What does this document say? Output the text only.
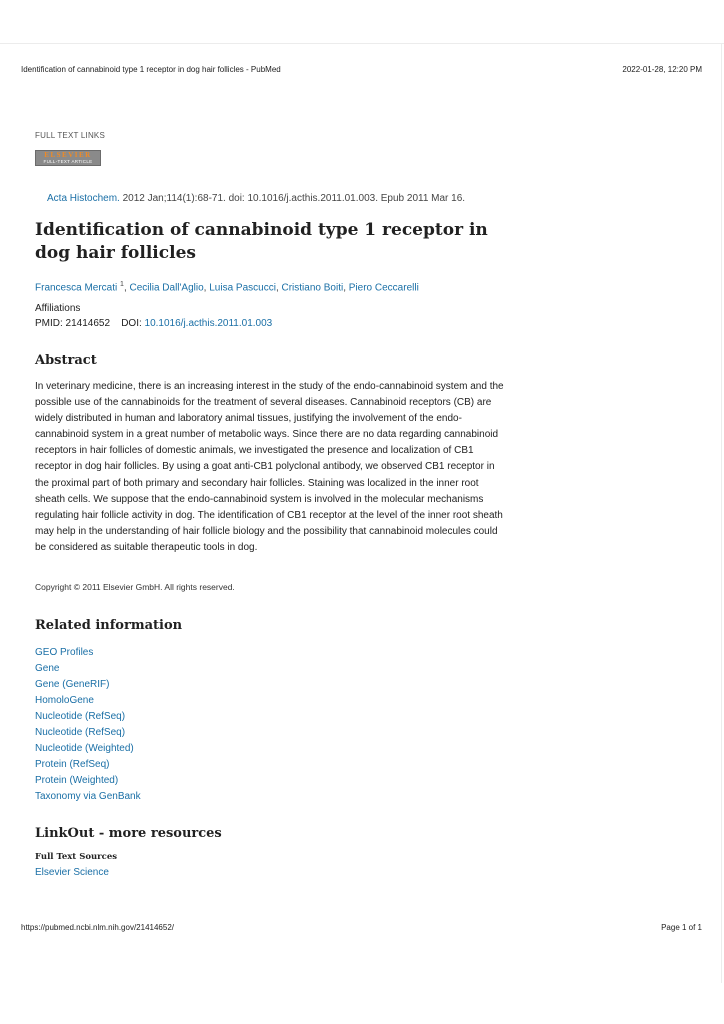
Identification of cannabinoid type 1 receptor in dog hair follicles - PubMed	2022-01-28, 12:20 PM
FULL TEXT LINKS
ELSEVIER
FULL-TEXT ARTICLE
Acta Histochem. 2012 Jan;114(1):68-71. doi: 10.1016/j.acthis.2011.01.003. Epub 2011 Mar 16.
Identification of cannabinoid type 1 receptor in dog hair follicles
Francesca Mercati $^1$, Cecilia Dall'Aglio, Luisa Pascucci, Cristiano Boiti, Piero Ceccarelli
Affiliations
PMID: 21414652 DOI: 10.1016/j.acthis.2011.01.003
Abstract

In veterinary medicine, there is an increasing interest in the study of the endo-cannabinoid system and the possible use of the cannabinoids for the treatment of several diseases. Cannabinoid receptors (CB) are widely distributed in human and laboratory animal tissues, justifying the involvement of the endo-cannabinoid system in a great number of metabolic ways. Since there are no data regarding cannabinoid receptors in hair follicles of domestic animals, we investigated the presence and localization of CB1 receptor in dog hair follicles. By using a goat anti-CB1 polyclonal antibody, we observed CB1 receptor in the proximal part of both primary and secondary hair follicles. Staining was localized in the inner root sheath cells. We suppose that the endo-cannabinoid system is involved in the molecular mechanisms regulating hair follicle activity in dog. The identification of CB1 receptor at the level of the inner root sheath may help in the understanding of hair follicle biology and the possibility that cannabinoid molecules could be considered as suitable therapeutic tools in dog.

Copyright © 2011 Elsevier GmbH. All rights reserved.
Related information
GEO Profiles
Gene
Gene (GeneRIF)
HomoloGene
Nucleotide (RefSeq)
Nucleotide (RefSeq)
Nucleotide (Weighted)
Protein (RefSeq)
Protein (Weighted)
Taxonomy via GenBank
LinkOut - more resources
Full Text Sources
Elsevier Science
https://pubmed.ncbi.nlm.nih.gov/21414652/	Page 1 of 1
